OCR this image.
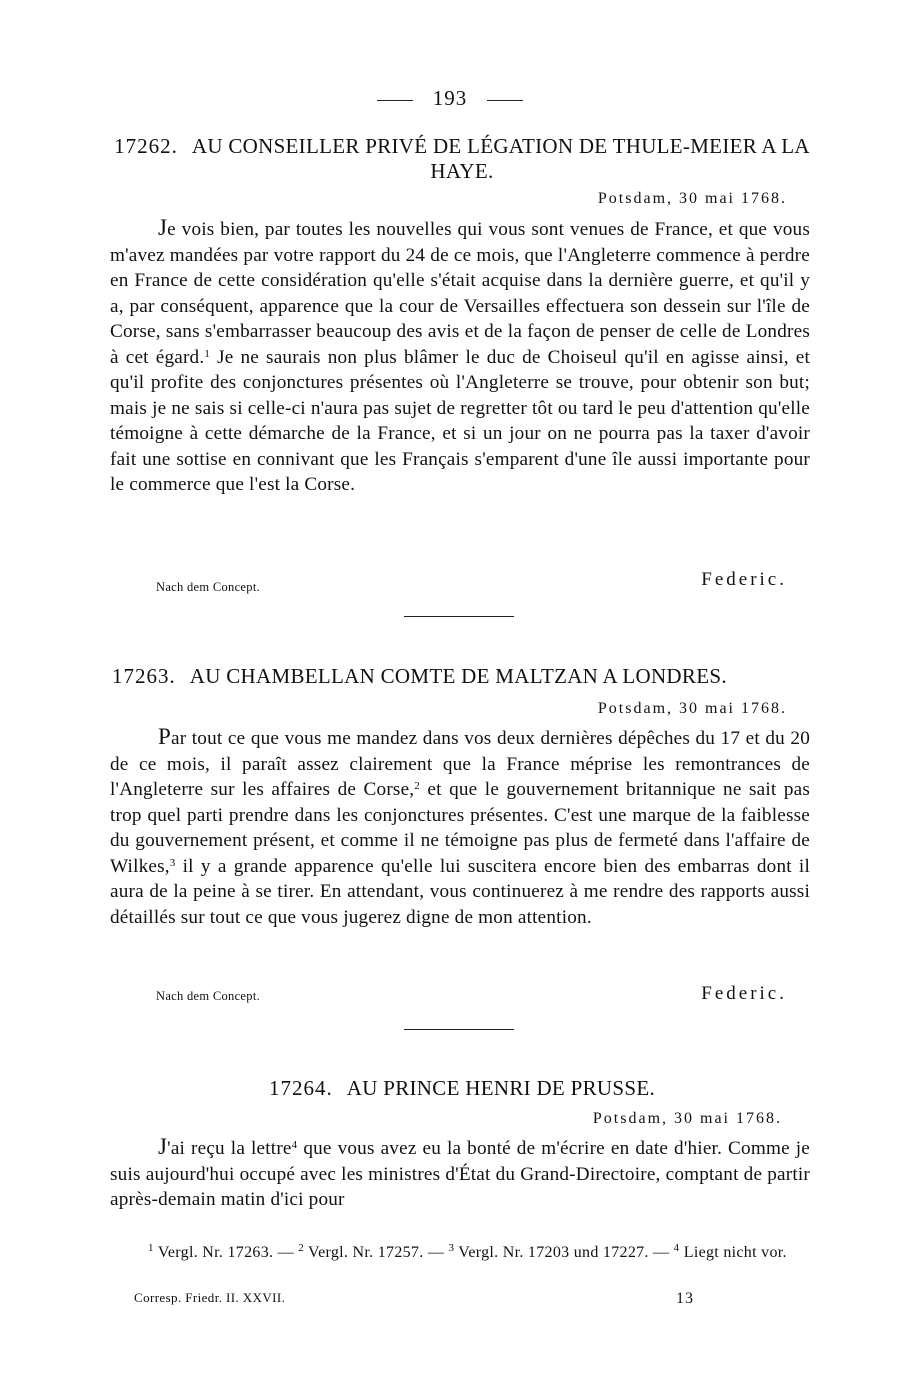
193
17262. AU CONSEILLER PRIVÉ DE LÉGATION DE THULE-MEIER A LA HAYE.
Potsdam, 30 mai 1768.

Je vois bien, par toutes les nouvelles qui vous sont venues de France, et que vous m'avez mandées par votre rapport du 24 de ce mois, que l'Angleterre commence à perdre en France de cette considération qu'elle s'était acquise dans la dernière guerre, et qu'il y a, par conséquent, apparence que la cour de Versailles effectuera son dessein sur l'île de Corse, sans s'embarrasser beaucoup des avis et de la façon de penser de celle de Londres à cet égard.$^1$ Je ne saurais non plus blâmer le duc de Choiseul qu'il en agisse ainsi, et qu'il profite des conjonctures présentes où l'Angleterre se trouve, pour obtenir son but; mais je ne sais si celle-ci n'aura pas sujet de regretter tôt ou tard le peu d'attention qu'elle témoigne à cette démarche de la France, et si un jour on ne pourra pas la taxer d'avoir fait une sottise en connivant que les Français s'emparent d'une île aussi importante pour le commerce que l'est la Corse.

Nach dem Concept.	Federic.
17263. AU CHAMBELLAN COMTE DE MALTZAN A LONDRES.
Potsdam, 30 mai 1768.

Par tout ce que vous me mandez dans vos deux dernières dépêches du 17 et du 20 de ce mois, il paraît assez clairement que la France méprise les remontrances de l'Angleterre sur les affaires de Corse,$^2$ et que le gouvernement britannique ne sait pas trop quel parti prendre dans les conjonctures présentes. C'est une marque de la faiblesse du gouvernement présent, et comme il ne témoigne pas plus de fermeté dans l'affaire de Wilkes,$^3$ il y a grande apparence qu'elle lui suscitera encore bien des embarras dont il aura de la peine à se tirer. En attendant, vous continuerez à me rendre des rapports aussi détaillés sur tout ce que vous jugerez digne de mon attention.

Nach dem Concept.	Federic.
17264. AU PRINCE HENRI DE PRUSSE.
Potsdam, 30 mai 1768.

J'ai reçu la lettre$^4$ que vous avez eu la bonté de m'écrire en date d'hier. Comme je suis aujourd'hui occupé avec les ministres d'État du Grand-Directoire, comptant de partir après-demain matin d'ici pour

$^1$ Vergl. Nr. 17263. — $^2$ Vergl. Nr. 17257. — $^3$ Vergl. Nr. 17203 und 17227. — $^4$ Liegt nicht vor.

Corresp. Friedr. II. XXVII.	13
